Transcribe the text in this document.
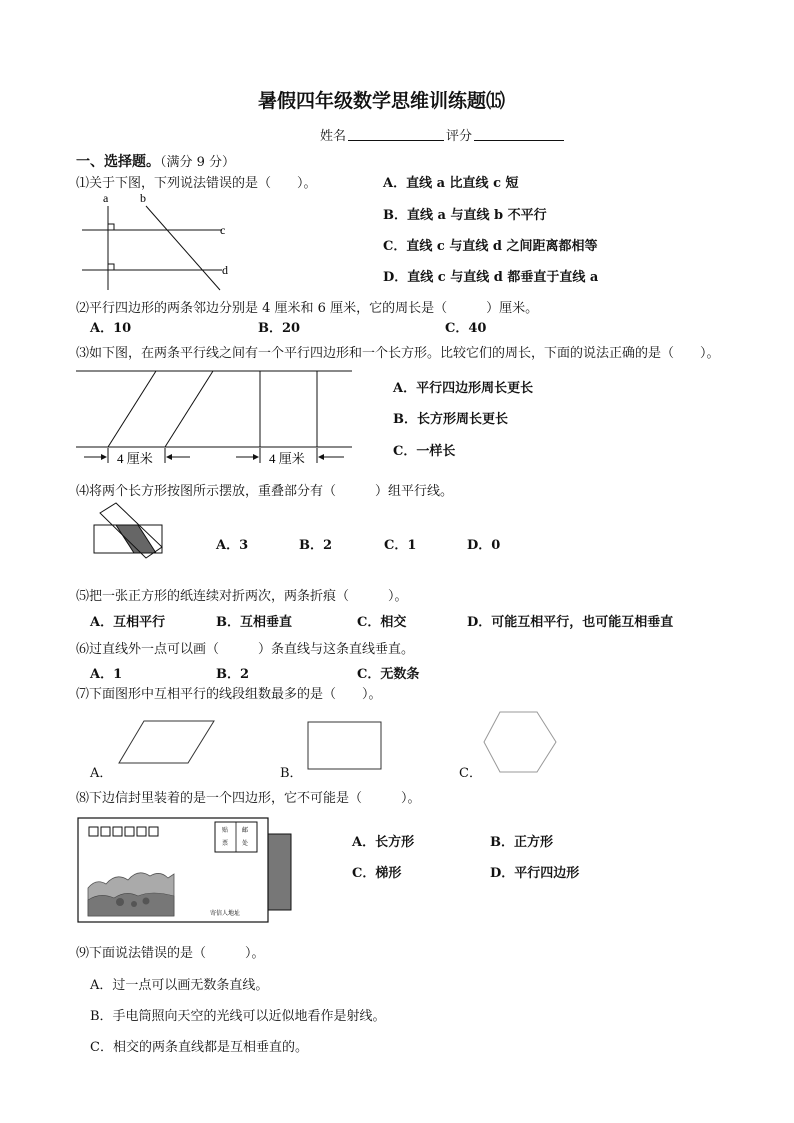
暑假四年级数学思维训练题⒂
姓名	评分
一、选择题。（满分 9 分）
⑴关于下图，下列说法错误的是（　　）。
a	b
c
d
A．直线 a 比直线 c 短
B．直线 a 与直线 b 不平行
C．直线 c 与直线 d 之间距离都相等
D．直线 c 与直线 d 都垂直于直线 a
⑵平行四边形的两条邻边分别是 4 厘米和 6 厘米，它的周长是（　　　）厘米。
A．10	B．20	C．40
⑶如下图，在两条平行线之间有一个平行四边形和一个长方形。比较它们的周长，下面的说法正确的是（　　）。
4 厘米	4 厘米
A．平行四边形周长更长
B．长方形周长更长
C．一样长
⑷将两个长方形按图所示摆放，重叠部分有（　　　）组平行线。
A．3	B．2	C．1	D．0
⑸把一张正方形的纸连续对折两次，两条折痕（　　　）。
A．互相平行	B．互相垂直	C．相交	D．可能互相平行，也可能互相垂直
⑹过直线外一点可以画（　　　）条直线与这条直线垂直。
A．1	B．2	C．无数条
⑺下面图形中互相平行的线段组数最多的是（　　）。
A．	B．	C．
⑻下边信封里装着的是一个四边形，它不可能是（　　　）。
贴 邮
票 处
寄信人地址
A．长方形	B．正方形
C．梯形	D．平行四边形
⑼下面说法错误的是（　　　）。
A．过一点可以画无数条直线。
B．手电筒照向天空的光线可以近似地看作是射线。
C．相交的两条直线都是互相垂直的。
